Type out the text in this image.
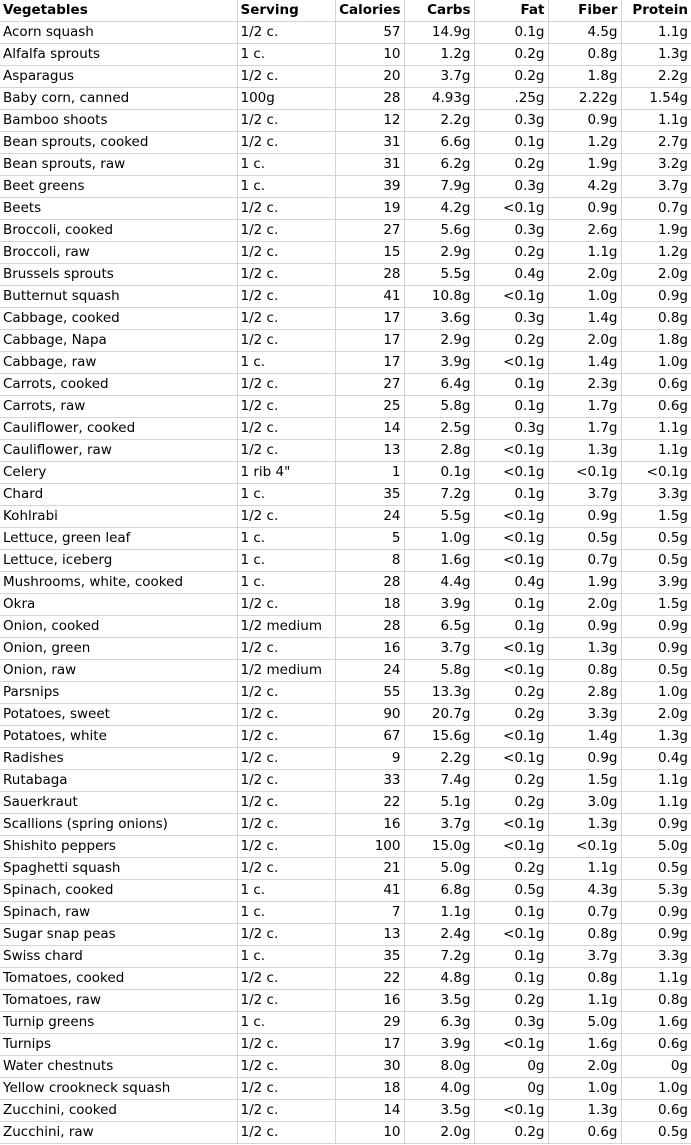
Vegetables	Serving	Calories	Carbs	Fat	Fiber	Protein
Acorn squash	1/2 c.	57	14.9g	0.1g	4.5g	1.1g
Alfalfa sprouts	1 c.	10	1.2g	0.2g	0.8g	1.3g
Asparagus	1/2 c.	20	3.7g	0.2g	1.8g	2.2g
Baby corn, canned	100g	28	4.93g	.25g	2.22g	1.54g
Bamboo shoots	1/2 c.	12	2.2g	0.3g	0.9g	1.1g
Bean sprouts, cooked	1/2 c.	31	6.6g	0.1g	1.2g	2.7g
Bean sprouts, raw	1 c.	31	6.2g	0.2g	1.9g	3.2g
Beet greens	1 c.	39	7.9g	0.3g	4.2g	3.7g
Beets	1/2 c.	19	4.2g	<0.1g	0.9g	0.7g
Broccoli, cooked	1/2 c.	27	5.6g	0.3g	2.6g	1.9g
Broccoli, raw	1/2 c.	15	2.9g	0.2g	1.1g	1.2g
Brussels sprouts	1/2 c.	28	5.5g	0.4g	2.0g	2.0g
Butternut squash	1/2 c.	41	10.8g	<0.1g	1.0g	0.9g
Cabbage, cooked	1/2 c.	17	3.6g	0.3g	1.4g	0.8g
Cabbage, Napa	1/2 c.	17	2.9g	0.2g	2.0g	1.8g
Cabbage, raw	1 c.	17	3.9g	<0.1g	1.4g	1.0g
Carrots, cooked	1/2 c.	27	6.4g	0.1g	2.3g	0.6g
Carrots, raw	1/2 c.	25	5.8g	0.1g	1.7g	0.6g
Cauliflower, cooked	1/2 c.	14	2.5g	0.3g	1.7g	1.1g
Cauliflower, raw	1/2 c.	13	2.8g	<0.1g	1.3g	1.1g
Celery	1 rib 4"	1	0.1g	<0.1g	<0.1g	<0.1g
Chard	1 c.	35	7.2g	0.1g	3.7g	3.3g
Kohlrabi	1/2 c.	24	5.5g	<0.1g	0.9g	1.5g
Lettuce, green leaf	1 c.	5	1.0g	<0.1g	0.5g	0.5g
Lettuce, iceberg	1 c.	8	1.6g	<0.1g	0.7g	0.5g
Mushrooms, white, cooked	1 c.	28	4.4g	0.4g	1.9g	3.9g
Okra	1/2 c.	18	3.9g	0.1g	2.0g	1.5g
Onion, cooked	1/2 medium	28	6.5g	0.1g	0.9g	0.9g
Onion, green	1/2 c.	16	3.7g	<0.1g	1.3g	0.9g
Onion, raw	1/2 medium	24	5.8g	<0.1g	0.8g	0.5g
Parsnips	1/2 c.	55	13.3g	0.2g	2.8g	1.0g
Potatoes, sweet	1/2 c.	90	20.7g	0.2g	3.3g	2.0g
Potatoes, white	1/2 c.	67	15.6g	<0.1g	1.4g	1.3g
Radishes	1/2 c.	9	2.2g	<0.1g	0.9g	0.4g
Rutabaga	1/2 c.	33	7.4g	0.2g	1.5g	1.1g
Sauerkraut	1/2 c.	22	5.1g	0.2g	3.0g	1.1g
Scallions (spring onions)	1/2 c.	16	3.7g	<0.1g	1.3g	0.9g
Shishito peppers	1/2 c.	100	15.0g	<0.1g	<0.1g	5.0g
Spaghetti squash	1/2 c.	21	5.0g	0.2g	1.1g	0.5g
Spinach, cooked	1 c.	41	6.8g	0.5g	4.3g	5.3g
Spinach, raw	1 c.	7	1.1g	0.1g	0.7g	0.9g
Sugar snap peas	1/2 c.	13	2.4g	<0.1g	0.8g	0.9g
Swiss chard	1 c.	35	7.2g	0.1g	3.7g	3.3g
Tomatoes, cooked	1/2 c.	22	4.8g	0.1g	0.8g	1.1g
Tomatoes, raw	1/2 c.	16	3.5g	0.2g	1.1g	0.8g
Turnip greens	1 c.	29	6.3g	0.3g	5.0g	1.6g
Turnips	1/2 c.	17	3.9g	<0.1g	1.6g	0.6g
Water chestnuts	1/2 c.	30	8.0g	0g	2.0g	0g
Yellow crookneck squash	1/2 c.	18	4.0g	0g	1.0g	1.0g
Zucchini, cooked	1/2 c.	14	3.5g	<0.1g	1.3g	0.6g
Zucchini, raw	1/2 c.	10	2.0g	0.2g	0.6g	0.5g
